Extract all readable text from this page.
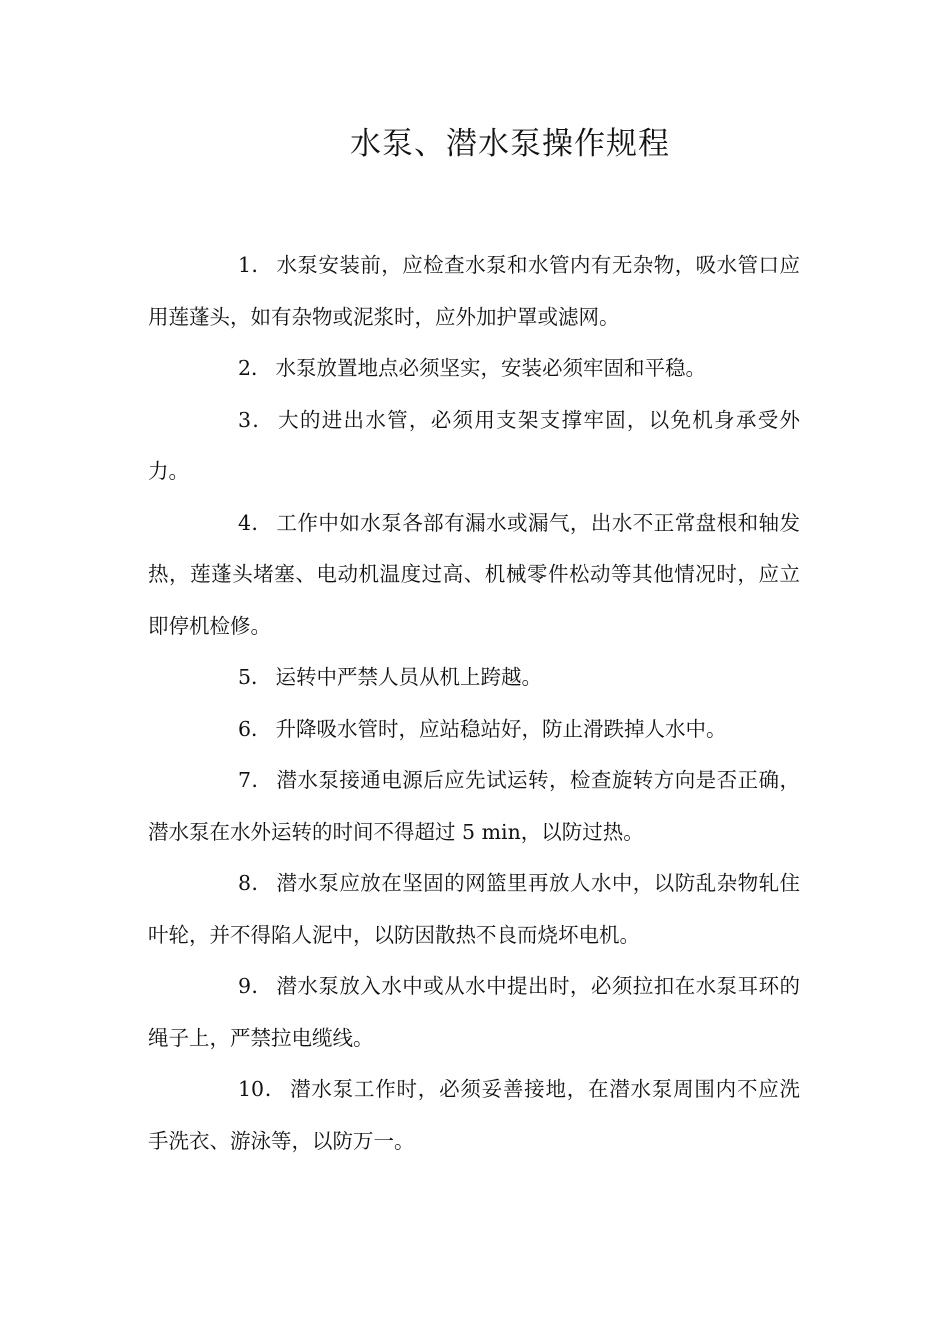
水泵、潜水泵操作规程

1． 水泵安装前，应检查水泵和水管内有无杂物，吸水管口应用莲蓬头，如有杂物或泥浆时，应外加护罩或滤网。

2． 水泵放置地点必须坚实，安装必须牢固和平稳。

3． 大的进出水管，必须用支架支撑牢固，以免机身承受外力。

4． 工作中如水泵各部有漏水或漏气，出水不正常盘根和轴发热，莲蓬头堵塞、电动机温度过高、机械零件松动等其他情况时，应立即停机检修。

5． 运转中严禁人员从机上跨越。

6． 升降吸水管时，应站稳站好，防止滑跌掉人水中。

7． 潜水泵接通电源后应先试运转，检查旋转方向是否正确，潜水泵在水外运转的时间不得超过 5 min，以防过热。

8． 潜水泵应放在坚固的网篮里再放人水中，以防乱杂物轧住叶轮，并不得陷人泥中，以防因散热不良而烧坏电机。

9． 潜水泵放入水中或从水中提出时，必须拉扣在水泵耳环的绳子上，严禁拉电缆线。

10． 潜水泵工作时，必须妥善接地，在潜水泵周围内不应洗手洗衣、游泳等，以防万一。
